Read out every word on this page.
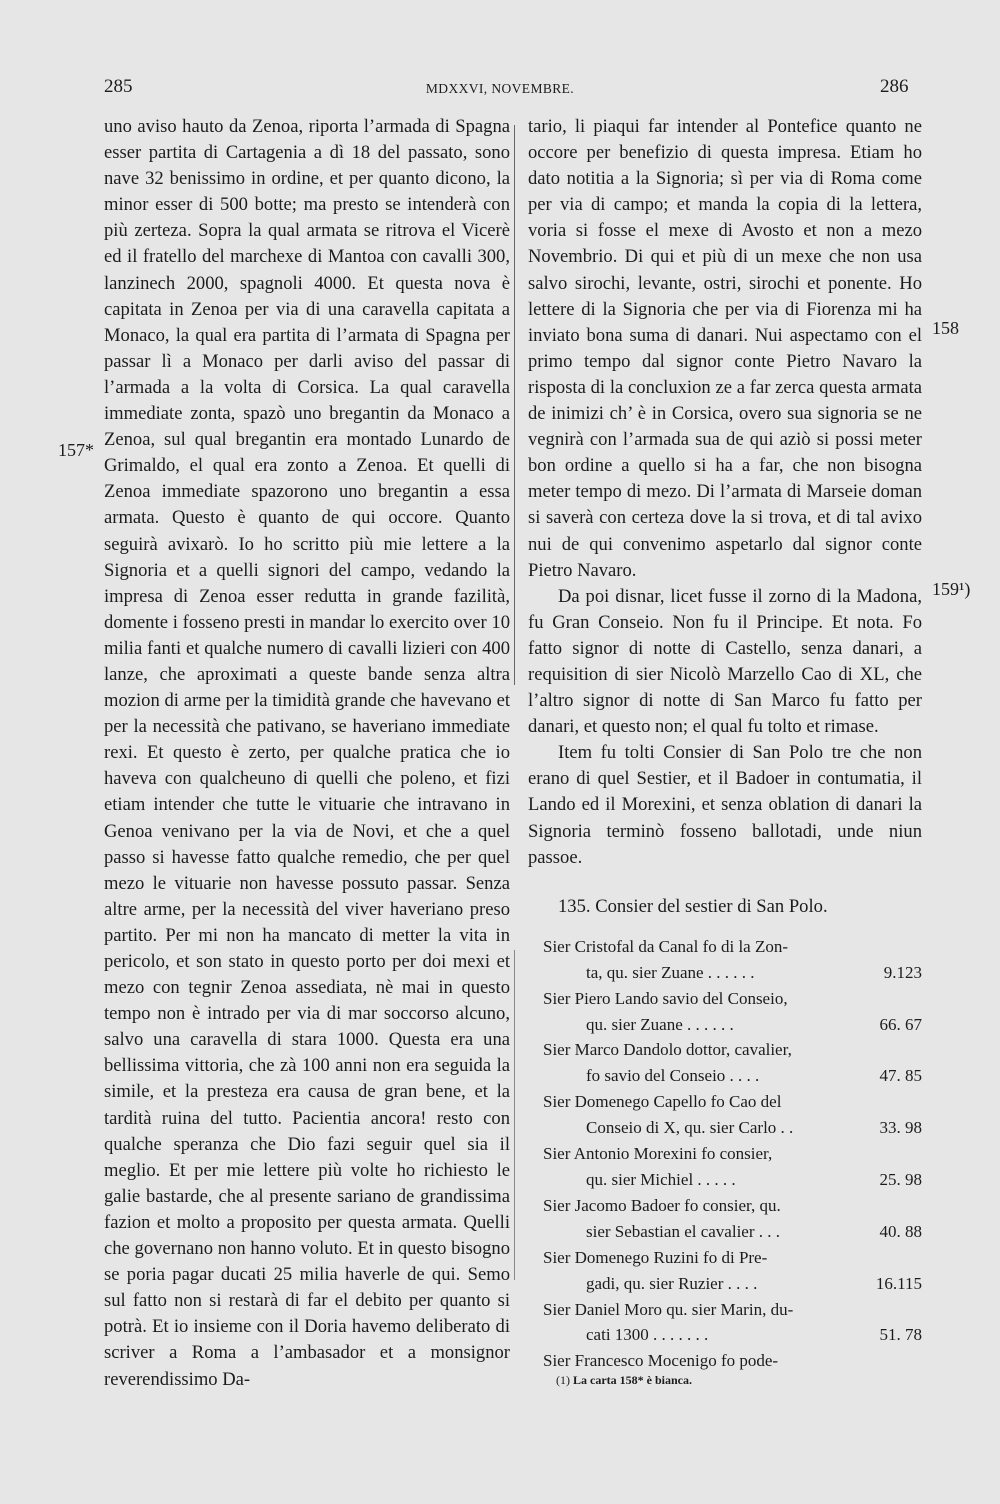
285	MDXXVI, NOVEMBRE.	286

uno aviso hauto da Zenoa, riporta l’armada di Spagna esser partita di Cartagenia a dì 18 del passato, sono nave 32 benissimo in ordine, et per quanto dicono, la minor esser di 500 botte; ma presto se intenderà con più zerteza. Sopra la qual armata se ritrova el Vicerè ed il fratello del marchexe di Mantoa con cavalli 300, lanzinech 2000, spagnoli 4000. Et questa nova è capitata in Zenoa per via di una caravella capitata a Monaco, la qual era partita di l’armata di Spagna per passar lì a Monaco per darli aviso del passar di l’armada a la volta di Corsica. La qual caravella immediate zonta, spazò uno bregantin da Monaco a Zenoa, sul qual bregantin era montado Lunardo de Grimaldo, el qual era zonto a Zenoa. Et quelli di Zenoa immediate spazorono uno bregantin a essa armata. Questo è quanto de qui occore. Quanto seguirà avixarò. Io ho scritto più mie lettere a la Signoria et a quelli signori del campo, vedando la impresa di Zenoa esser redutta in grande fazilità, domente i fosseno presti in mandar lo exercito over 10 milia fanti et qualche numero di cavalli lizieri con 400 lanze, che aproximati a queste bande senza altra mozion di arme per la timidità grande che havevano et per la necessità che pativano, se haveriano immediate rexi. Et questo è zerto, per qualche pratica che io haveva con qualcheuno di quelli che poleno, et fizi etiam intender che tutte le vituarie che intravano in Genoa venivano per la via de Novi, et che a quel passo si havesse fatto qualche remedio, che per quel mezo le vituarie non havesse possuto passar. Senza altre arme, per la necessità del viver haveriano preso partito. Per mi non ha mancato di metter la vita in pericolo, et son stato in questo porto per doi mexi et mezo con tegnir Zenoa assediata, nè mai in questo tempo non è intrado per via di mar soccorso alcuno, salvo una caravella di stara 1000. Questa era una bellissima vittoria, che zà 100 anni non era seguida la simile, et la presteza era causa de gran bene, et la tardità ruina del tutto. Pacientia ancora! resto con qualche speranza che Dio fazi seguir quel sia il meglio. Et per mie lettere più volte ho richiesto le galie bastarde, che al presente sariano de grandissima fazion et molto a proposito per questa armata. Quelli che governano non hanno voluto. Et in questo bisogno se poria pagar ducati 25 milia haverle de qui. Semo sul fatto non si restarà di far el debito per quanto si potrà. Et io insieme con il Doria havemo deliberato di scriver a Roma a l’ambasador et a monsignor reverendissimo Da-

tario, li piaqui far intender al Pontefice quanto ne occore per benefizio di questa impresa. Etiam ho dato notitia a la Signoria; sì per via di Roma come per via di campo; et manda la copia di la lettera, voria si fosse el mexe di Avosto et non a mezo Novembrio. Di qui et più di un mexe che non usa salvo sirochi, levante, ostri, sirochi et ponente. Ho lettere di la Signoria che per via di Fiorenza mi ha inviato bona suma di danari. Nui aspectamo con el primo tempo dal signor conte Pietro Navaro la risposta di la concluxion ze a far zerca questa armata de inimizi ch’ è in Corsica, overo sua signoria se ne vegnirà con l’armada sua de qui aziò si possi meter bon ordine a quello si ha a far, che non bisogna meter tempo di mezo. Di l’armata di Marseie doman si saverà con certeza dove la si trova, et di tal avixo nui de qui convenimo aspetarlo dal signor conte Pietro Navaro.

Da poi disnar, licet fusse il zorno di la Madona, fu Gran Conseio. Non fu il Principe. Et nota. Fo fatto signor di notte di Castello, senza danari, a requisition di sier Nicolò Marzello Cao di XL, che l’altro signor di notte di San Marco fu fatto per danari, et questo non; el qual fu tolto et rimase.

Item fu tolti Consier di San Polo tre che non erano di quel Sestier, et il Badoer in contumatia, il Lando ed il Morexini, et senza oblation di danari la Signoria terminò fosseno ballotadi, unde niun passoe.

135. Consier del sestier di San Polo.
Sier Cristofal da Canal fo di la Zon-
9.123
ta, qu. sier Zuane . . . . . .
Sier Piero Lando savio del Conseio,
66. 67
qu. sier Zuane . . . . . .
Sier Marco Dandolo dottor, cavalier,
47. 85
fo savio del Conseio . . . .
Sier Domenego Capello fo Cao del
33. 98
Conseio di X, qu. sier Carlo . .
Sier Antonio Morexini fo consier,
25. 98
qu. sier Michiel . . . . .
Sier Jacomo Badoer fo consier, qu.
40. 88
sier Sebastian el cavalier . . .
Sier Domenego Ruzini fo di Pre-
16.115
gadi, qu. sier Ruzier . . . .
Sier Daniel Moro qu. sier Marin, du-
51. 78
cati 1300 . . . . . . .
Sier Francesco Mocenigo fo pode-
157*
158
159¹)
(1) La carta 158* è bianca.
